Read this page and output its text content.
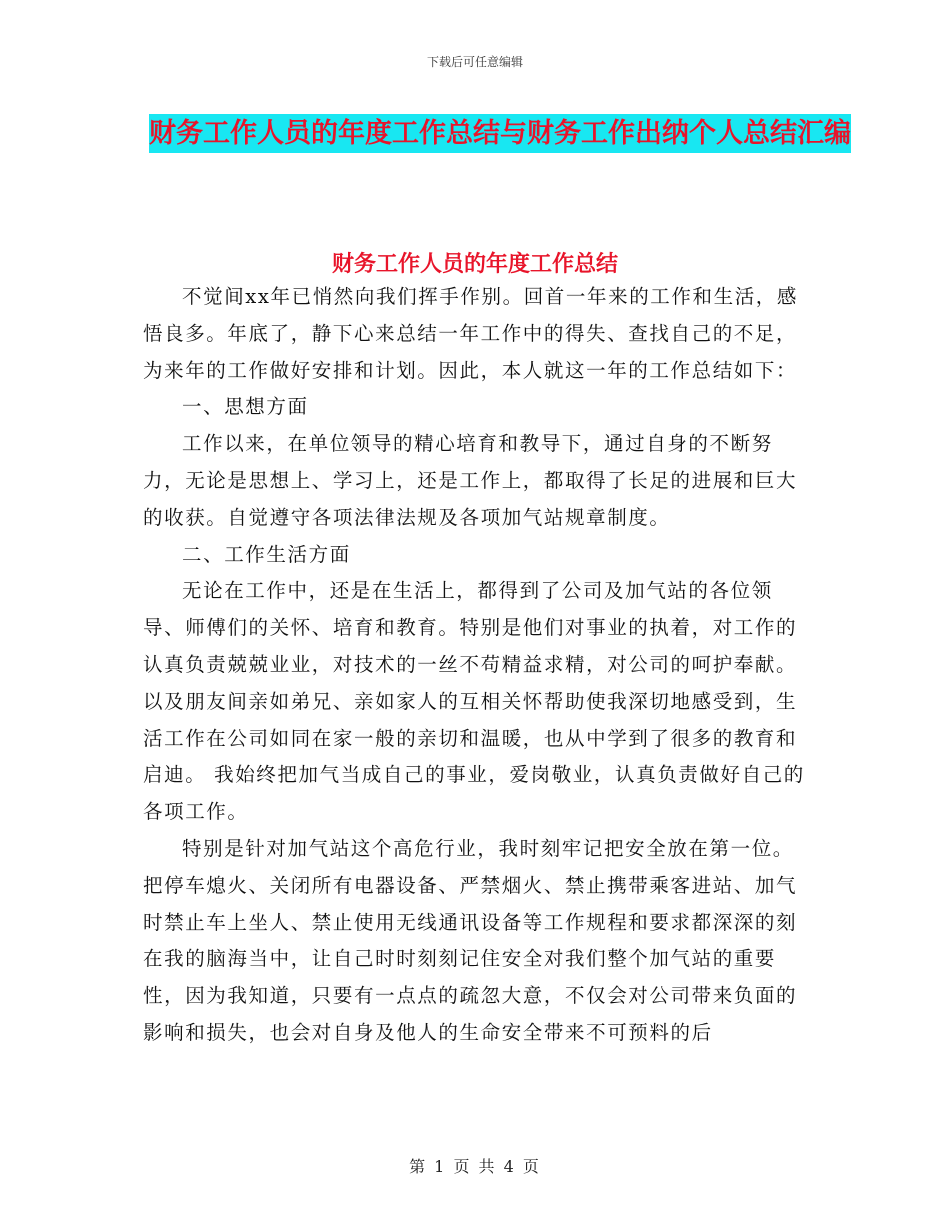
下载后可任意编辑
财务工作人员的年度工作总结与财务工作出纳个人总结汇编
财务工作人员的年度工作总结

不觉间xx年已悄然向我们挥手作别。回首一年来的工作和生活，感悟良多。年底了，静下心来总结一年工作中的得失、查找自己的不足，为来年的工作做好安排和计划。因此，本人就这一年的工作总结如下：

一、思想方面

工作以来，在单位领导的精心培育和教导下，通过自身的不断努力，无论是思想上、学习上，还是工作上，都取得了长足的进展和巨大的收获。自觉遵守各项法律法规及各项加气站规章制度。

二、工作生活方面

无论在工作中，还是在生活上，都得到了公司及加气站的各位领导、师傅们的关怀、培育和教育。特别是他们对事业的执着，对工作的认真负责兢兢业业，对技术的一丝不苟精益求精，对公司的呵护奉献。以及朋友间亲如弟兄、亲如家人的互相关怀帮助使我深切地感受到，生活工作在公司如同在家一般的亲切和温暖，也从中学到了很多的教育和启迪。 我始终把加气当成自己的事业，爱岗敬业，认真负责做好自己的各项工作。

特别是针对加气站这个高危行业，我时刻牢记把安全放在第一位。把停车熄火、关闭所有电器设备、严禁烟火、禁止携带乘客进站、加气时禁止车上坐人、禁止使用无线通讯设备等工作规程和要求都深深的刻在我的脑海当中，让自己时时刻刻记住安全对我们整个加气站的重要性，因为我知道，只要有一点点的疏忽大意，不仅会对公司带来负面的影响和损失，也会对自身及他人的生命安全带来不可预料的后

第 1 页 共 4 页
